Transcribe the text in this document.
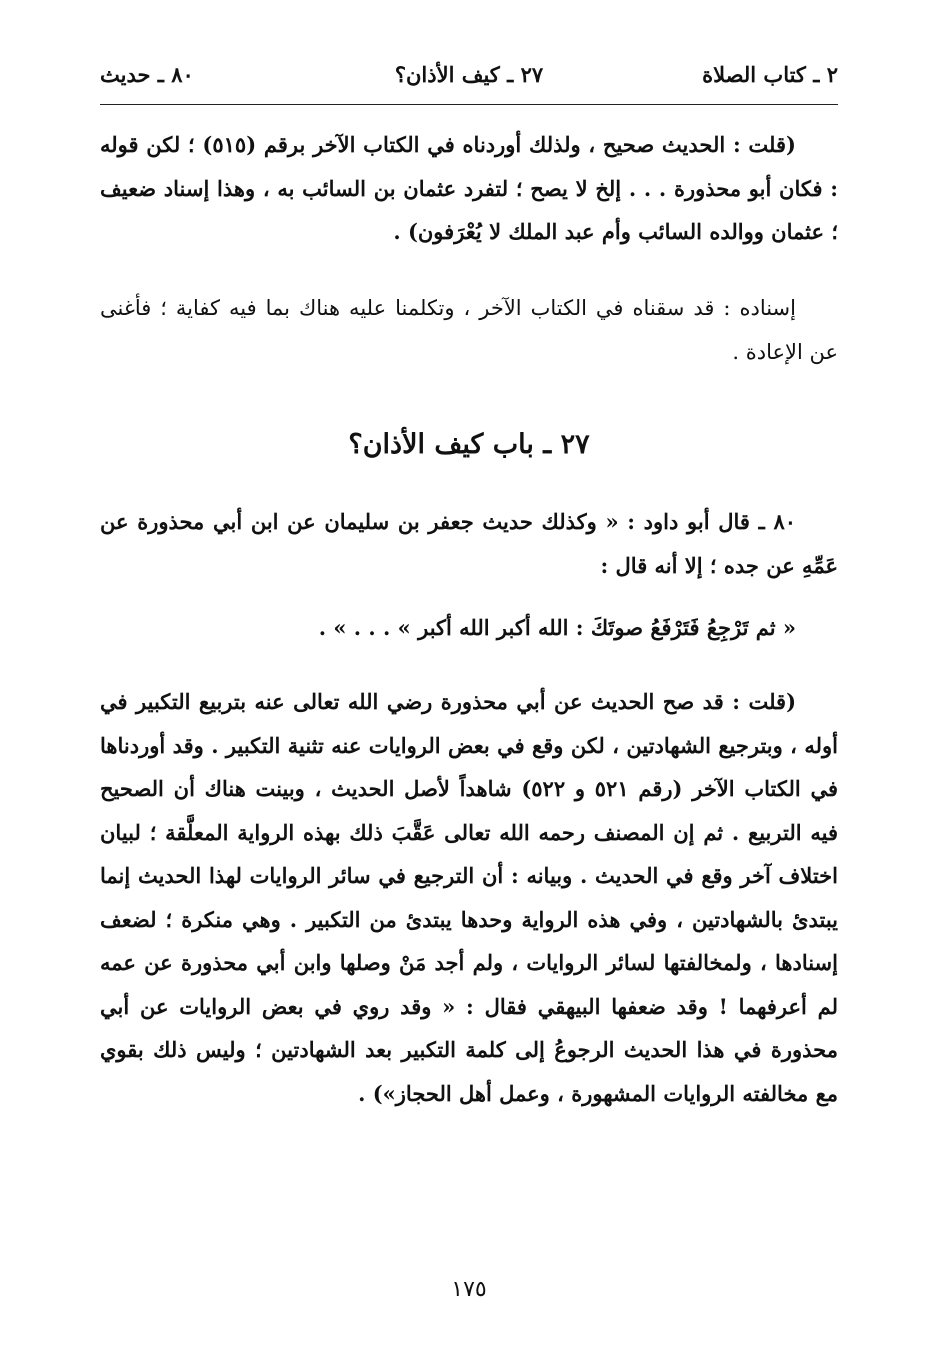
٢ ـ كتاب الصلاة
٢٧ ـ كيف الأذان؟
٨٠ ـ حديث

(قلت : الحديث صحيح ، ولذلك أوردناه في الكتاب الآخر برقم (٥١٥) ؛ لكن قوله : فكان أبو محذورة . . . إلخ لا يصح ؛ لتفرد عثمان بن السائب به ، وهذا إسناد ضعيف ؛ عثمان ووالده السائب وأم عبد الملك لا يُعْرَفون) .

إسناده : قد سقناه في الكتاب الآخر ، وتكلمنا عليه هناك بما فيه كفاية ؛ فأغنى عن الإعادة .

٢٧ ـ باب كيف الأذان؟

٨٠ ـ قال أبو داود : « وكذلك حديث جعفر بن سليمان عن ابن أبي محذورة عن عَمِّهِ عن جده ؛ إلا أنه قال :

« ثم تَرْجِعُ فَتَرْفَعُ صوتَكَ : الله أكبر الله أكبر » . . . » .

(قلت : قد صح الحديث عن أبي محذورة رضي الله تعالى عنه بتربيع التكبير في أوله ، وبترجيع الشهادتين ، لكن وقع في بعض الروايات عنه تثنية التكبير . وقد أوردناها في الكتاب الآخر (رقم ٥٢١ و ٥٢٢) شاهداً لأصل الحديث ، وبينت هناك أن الصحيح فيه التربيع . ثم إن المصنف رحمه الله تعالى عَقَّبَ ذلك بهذه الرواية المعلَّقة ؛ لبيان اختلاف آخر وقع في الحديث . وبيانه : أن الترجيع في سائر الروايات لهذا الحديث إنما يبتدئ بالشهادتين ، وفي هذه الرواية وحدها يبتدئ من التكبير . وهي منكرة ؛ لضعف إسنادها ، ولمخالفتها لسائر الروايات ، ولم أجد مَنْ وصلها وابن أبي محذورة عن عمه لم أعرفهما ! وقد ضعفها البيهقي فقال : « وقد روي في بعض الروايات عن أبي محذورة في هذا الحديث الرجوعُ إلى كلمة التكبير بعد الشهادتين ؛ وليس ذلك بقوي مع مخالفته الروايات المشهورة ، وعمل أهل الحجاز») .

١٧٥
